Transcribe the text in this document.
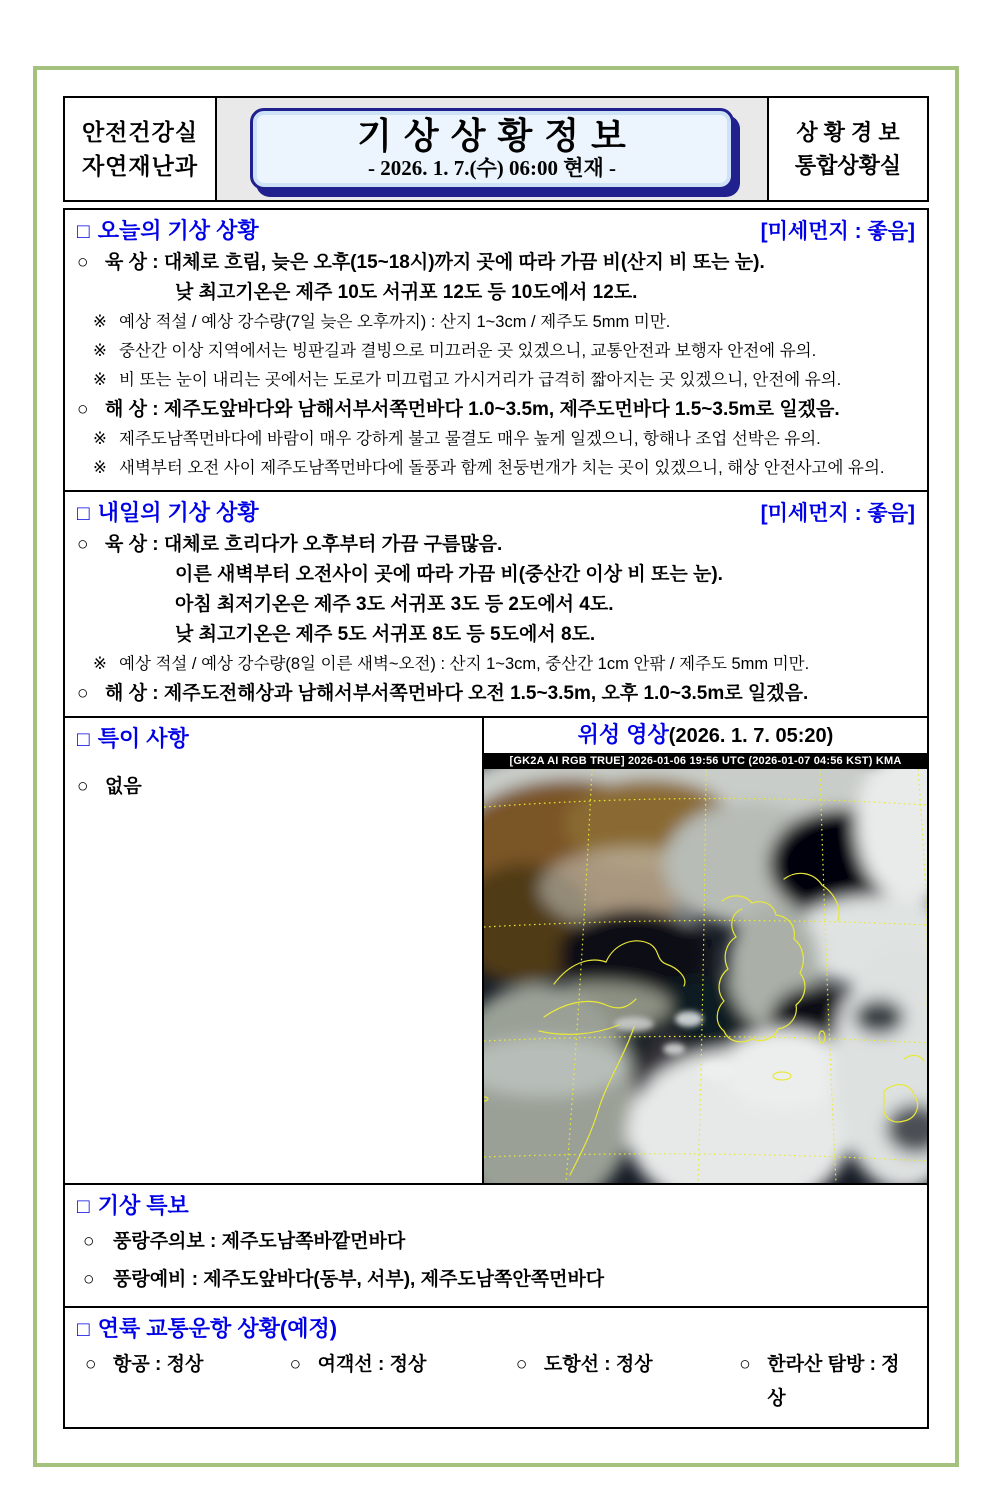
안전건강실
자연재난과
기 상 상 황 정 보
- 2026. 1. 7.(수) 06:00 현재 -
상 황 경 보
통합상황실
□ 오늘의 기상 상황	[미세먼지 : 좋음]
○ 육 상 : 대체로 흐림, 늦은 오후(15~18시)까지 곳에 따라 가끔 비(산지 비 또는 눈).
낮 최고기온은 제주 10도 서귀포 12도 등 10도에서 12도.
※ 예상 적설 / 예상 강수량(7일 늦은 오후까지) : 산지 1~3cm / 제주도 5mm 미만.
※ 중산간 이상 지역에서는 빙판길과 결빙으로 미끄러운 곳 있겠으니, 교통안전과 보행자 안전에 유의.
※ 비 또는 눈이 내리는 곳에서는 도로가 미끄럽고 가시거리가 급격히 짧아지는 곳 있겠으니, 안전에 유의.
○ 해 상 : 제주도앞바다와 남해서부서쪽먼바다 1.0~3.5m, 제주도먼바다 1.5~3.5m로 일겠음.
※ 제주도남쪽먼바다에 바람이 매우 강하게 불고 물결도 매우 높게 일겠으니, 항해나 조업 선박은 유의.
※ 새벽부터 오전 사이 제주도남쪽먼바다에 돌풍과 함께 천둥번개가 치는 곳이 있겠으니, 해상 안전사고에 유의.
□ 내일의 기상 상황	[미세먼지 : 좋음]
○ 육 상 : 대체로 흐리다가 오후부터 가끔 구름많음.
이른 새벽부터 오전사이 곳에 따라 가끔 비(중산간 이상 비 또는 눈).
아침 최저기온은 제주 3도 서귀포 3도 등 2도에서 4도.
낮 최고기온은 제주 5도 서귀포 8도 등 5도에서 8도.
※ 예상 적설 / 예상 강수량(8일 이른 새벽~오전) : 산지 1~3cm, 중산간 1cm 안팎 / 제주도 5mm 미만.
○ 해 상 : 제주도전해상과 남해서부서쪽먼바다 오전 1.5~3.5m, 오후 1.0~3.5m로 일겠음.
□ 특이 사항
○ 없음
위성 영상(2026. 1. 7. 05:20)
[GK2A AI RGB TRUE] 2026-01-06 19:56 UTC (2026-01-07 04:56 KST) KMA
□ 기상 특보
○ 풍랑주의보 : 제주도남쪽바깥먼바다
○ 풍랑예비 : 제주도앞바다(동부, 서부), 제주도남쪽안쪽먼바다
□ 연륙 교통운항 상황(예정)
○ 항공 : 정상	○ 여객선 : 정상	○ 도항선 : 정상	○ 한라산 탐방 : 정상
